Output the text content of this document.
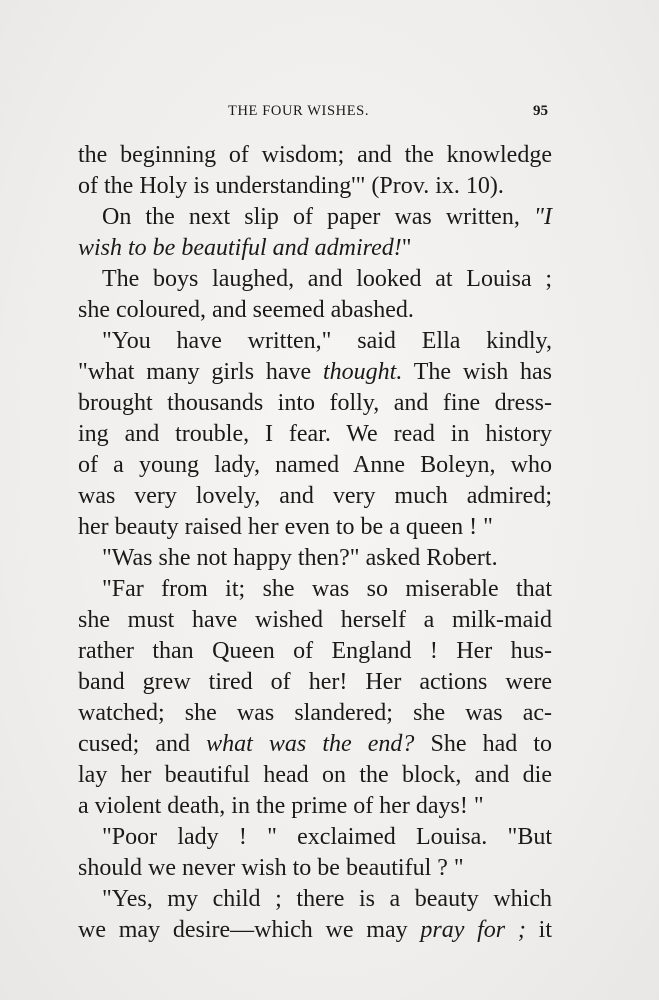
THE FOUR WISHES.	95
the beginning of wisdom; and the knowledge
of the Holy is understanding'" (Prov. ix. 10).
On the next slip of paper was written, "I
wish to be beautiful and admired!"
The boys laughed, and looked at Louisa ;
she coloured, and seemed abashed.
"You have written," said Ella kindly,
"what many girls have thought. The wish has
brought thousands into folly, and fine dress-
ing and trouble, I fear. We read in history
of a young lady, named Anne Boleyn, who
was very lovely, and very much admired;
her beauty raised her even to be a queen ! "
"Was she not happy then?" asked Robert.
"Far from it; she was so miserable that
she must have wished herself a milk-maid
rather than Queen of England ! Her hus-
band grew tired of her! Her actions were
watched; she was slandered; she was ac-
cused; and what was the end? She had to
lay her beautiful head on the block, and die
a violent death, in the prime of her days! "
"Poor lady ! " exclaimed Louisa. "But
should we never wish to be beautiful ? "
"Yes, my child ; there is a beauty which
we may desire—which we may pray for ; it
